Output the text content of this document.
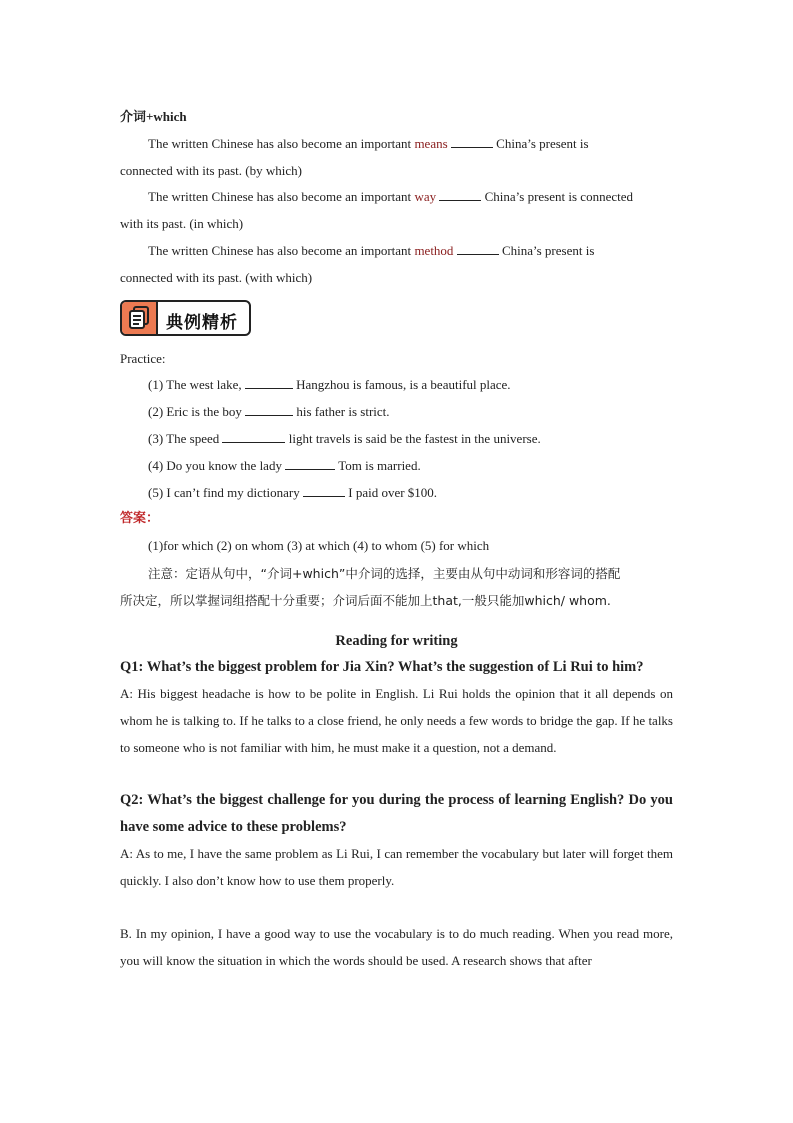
介词+which
The written Chinese has also become an important means	China’s present is
connected with its past. (by which)
The written Chinese has also become an important way	China’s present is connected
with its past. (in which)
The written Chinese has also become an important method	China’s present is
connected with its past. (with which)
典例精析
Practice:
(1) The west lake,	Hangzhou is famous, is a beautiful place.
(2) Eric is the boy	his father is strict.
(3) The speed	light travels is said be the fastest in the universe.
(4) Do you know the lady	Tom is married.
(5) I can’t find my dictionary	I paid over $100.
答案：
(1)for which (2) on whom (3) at which (4) to whom (5) for which
注意：定语从句中，“介词+which”中介词的选择，主要由从句中动词和形容词的搭配
所决定，所以掌握词组搭配十分重要；介词后面不能加上that,一般只能加which/ whom.
Reading for writing
Q1: What’s the biggest problem for Jia Xin? What’s the suggestion of Li Rui to him?
A: His biggest headache is how to be polite in English. Li Rui holds the opinion that it all depends on whom he is talking to. If he talks to a close friend, he only needs a few words to bridge the gap. If he talks to someone who is not familiar with him, he must make it a question, not a demand.
Q2: What’s the biggest challenge for you during the process of learning English? Do you have some advice to these problems?
A: As to me, I have the same problem as Li Rui, I can remember the vocabulary but later will forget them quickly. I also don’t know how to use them properly.
B. In my opinion, I have a good way to use the vocabulary is to do much reading. When you read more, you will know the situation in which the words should be used. A research shows that after
